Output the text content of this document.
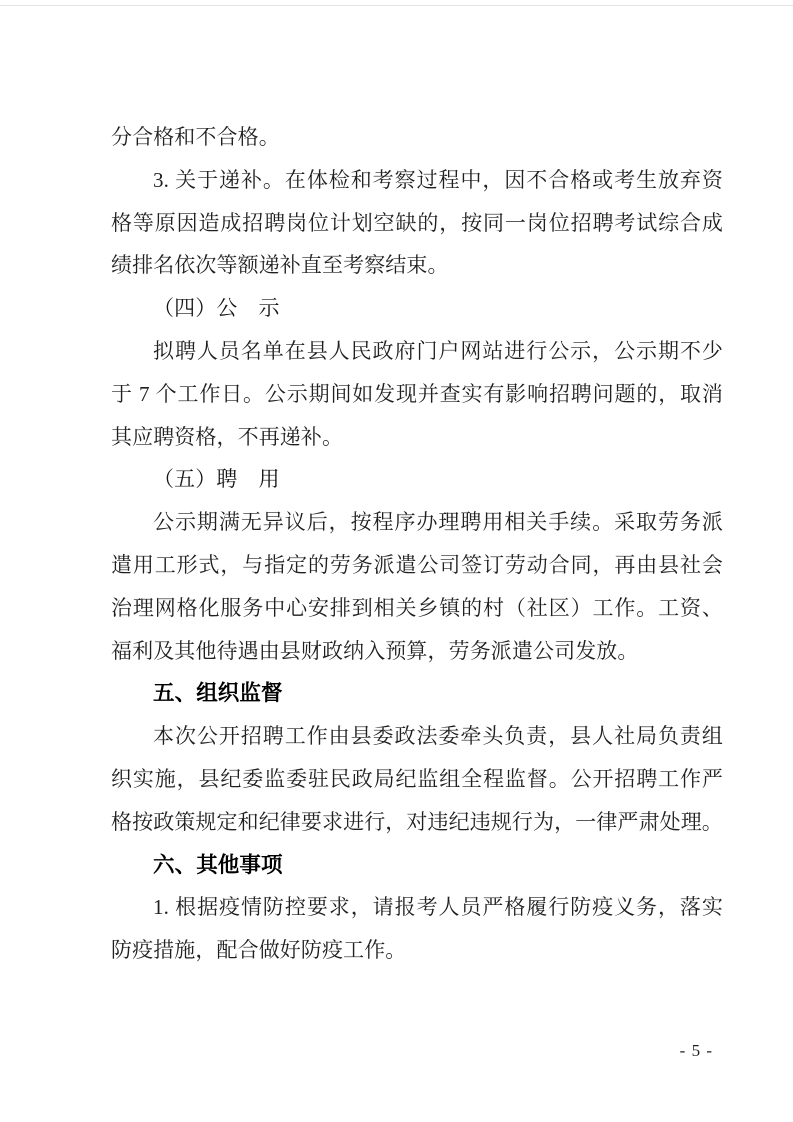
分合格和不合格。
3. 关于递补。在体检和考察过程中，因不合格或考生放弃资
格等原因造成招聘岗位计划空缺的，按同一岗位招聘考试综合成
绩排名依次等额递补直至考察结束。
（四）公　示
拟聘人员名单在县人民政府门户网站进行公示，公示期不少
于 7 个工作日。公示期间如发现并查实有影响招聘问题的，取消
其应聘资格，不再递补。
（五）聘　用
公示期满无异议后，按程序办理聘用相关手续。采取劳务派
遣用工形式，与指定的劳务派遣公司签订劳动合同，再由县社会
治理网格化服务中心安排到相关乡镇的村（社区）工作。工资、
福利及其他待遇由县财政纳入预算，劳务派遣公司发放。
五、组织监督
本次公开招聘工作由县委政法委牵头负责，县人社局负责组
织实施，县纪委监委驻民政局纪监组全程监督。公开招聘工作严
格按政策规定和纪律要求进行，对违纪违规行为，一律严肃处理。
六、其他事项
1. 根据疫情防控要求，请报考人员严格履行防疫义务，落实
防疫措施，配合做好防疫工作。
- 5 -
